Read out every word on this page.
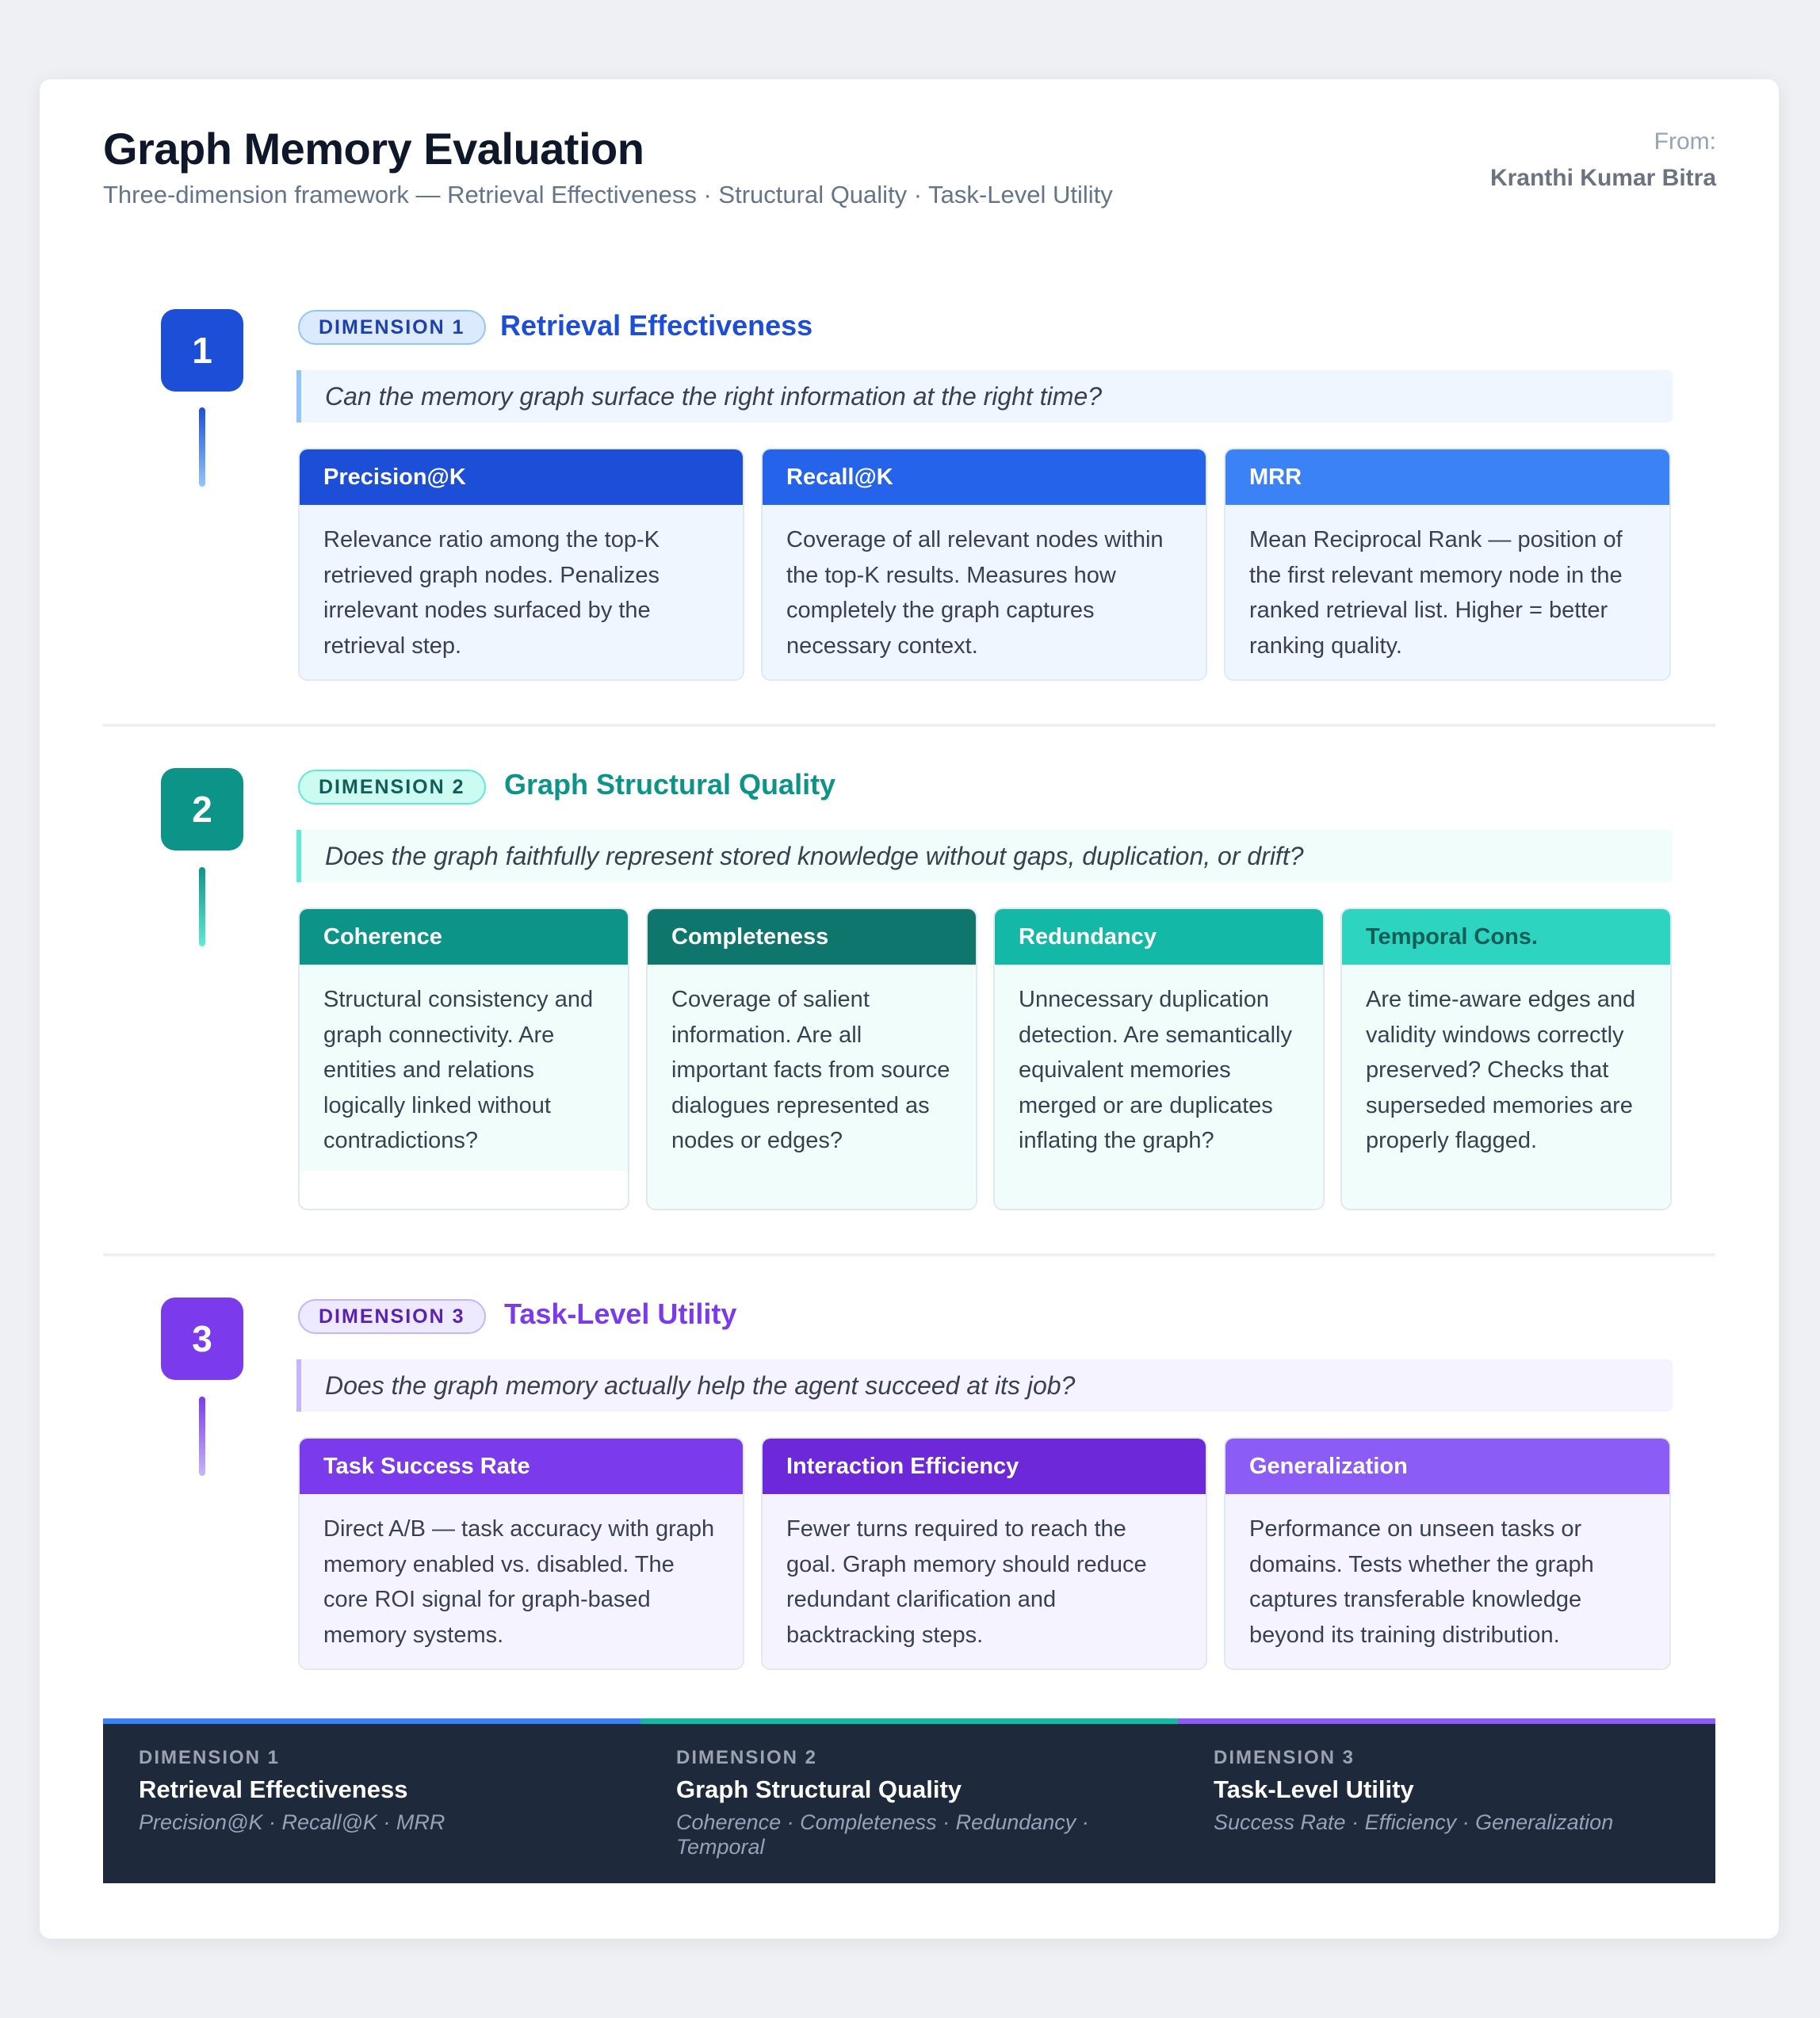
Graph Memory Evaluation
Three-dimension framework — Retrieval Effectiveness · Structural Quality · Task-Level Utility
From:
Kranthi Kumar Bitra
1
DIMENSION 1	Retrieval Effectiveness
Can the memory graph surface the right information at the right time?
Precision@K
Relevance ratio among the top-K retrieved graph nodes. Penalizes irrelevant nodes surfaced by the retrieval step.
Recall@K
Coverage of all relevant nodes within the top-K results. Measures how completely the graph captures necessary context.
MRR
Mean Reciprocal Rank — position of the first relevant memory node in the ranked retrieval list. Higher = better ranking quality.
2
DIMENSION 2	Graph Structural Quality
Does the graph faithfully represent stored knowledge without gaps, duplication, or drift?
Coherence
Structural consistency and graph connectivity. Are entities and relations logically linked without contradictions?
Completeness
Coverage of salient information. Are all important facts from source dialogues represented as nodes or edges?
Redundancy
Unnecessary duplication detection. Are semantically equivalent memories merged or are duplicates inflating the graph?
Temporal Cons.
Are time-aware edges and validity windows correctly preserved? Checks that superseded memories are properly flagged.
3
DIMENSION 3	Task-Level Utility
Does the graph memory actually help the agent succeed at its job?
Task Success Rate
Direct A/B — task accuracy with graph memory enabled vs. disabled. The core ROI signal for graph-based memory systems.
Interaction Efficiency
Fewer turns required to reach the goal. Graph memory should reduce redundant clarification and backtracking steps.
Generalization
Performance on unseen tasks or domains. Tests whether the graph captures transferable knowledge beyond its training distribution.
DIMENSION 1
Retrieval Effectiveness
Precision@K · Recall@K · MRR
DIMENSION 2
Graph Structural Quality
Coherence · Completeness · Redundancy · Temporal
DIMENSION 3
Task-Level Utility
Success Rate · Efficiency · Generalization
